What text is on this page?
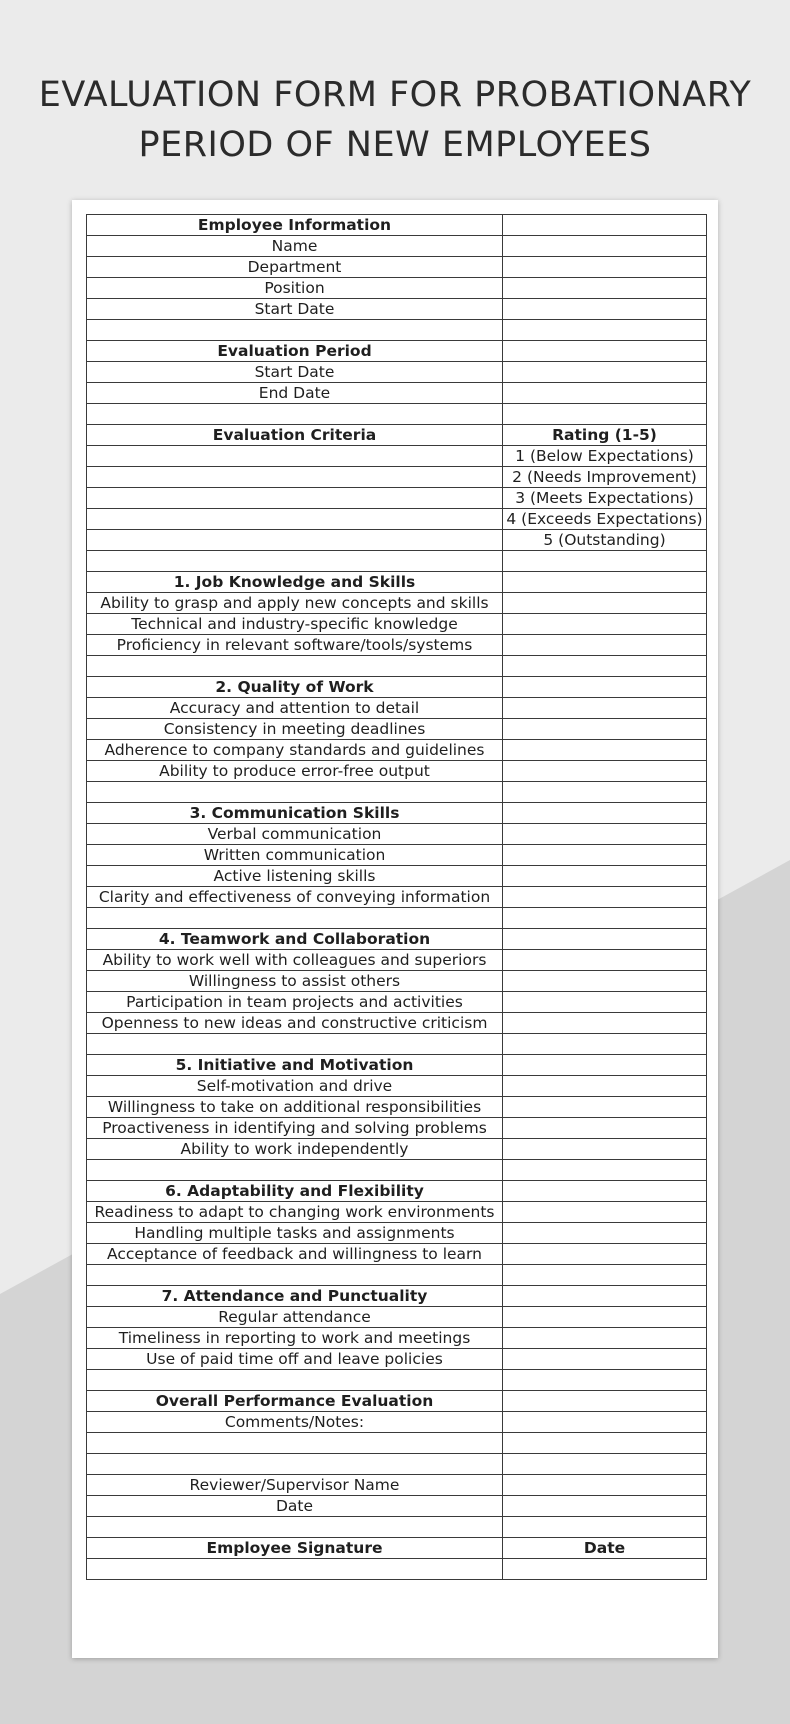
EVALUATION FORM FOR PROBATIONARY
PERIOD OF NEW EMPLOYEES
Employee Information	
Name	
Department	
Position	
Start Date	

Evaluation Period	
Start Date	
End Date	

Evaluation Criteria	Rating (1-5)
	1 (Below Expectations)
	2 (Needs Improvement)
	3 (Meets Expectations)
	4 (Exceeds Expectations)
	5 (Outstanding)

1. Job Knowledge and Skills	
Ability to grasp and apply new concepts and skills	
Technical and industry-specific knowledge	
Proficiency in relevant software/tools/systems	

2. Quality of Work	
Accuracy and attention to detail	
Consistency in meeting deadlines	
Adherence to company standards and guidelines	
Ability to produce error-free output	

3. Communication Skills	
Verbal communication	
Written communication	
Active listening skills	
Clarity and effectiveness of conveying information	

4. Teamwork and Collaboration	
Ability to work well with colleagues and superiors	
Willingness to assist others	
Participation in team projects and activities	
Openness to new ideas and constructive criticism	

5. Initiative and Motivation	
Self-motivation and drive	
Willingness to take on additional responsibilities	
Proactiveness in identifying and solving problems	
Ability to work independently	

6. Adaptability and Flexibility	
Readiness to adapt to changing work environments	
Handling multiple tasks and assignments	
Acceptance of feedback and willingness to learn	

7. Attendance and Punctuality	
Regular attendance	
Timeliness in reporting to work and meetings	
Use of paid time off and leave policies	

Overall Performance Evaluation	
Comments/Notes:	

Reviewer/Supervisor Name	
Date	

Employee Signature	Date
